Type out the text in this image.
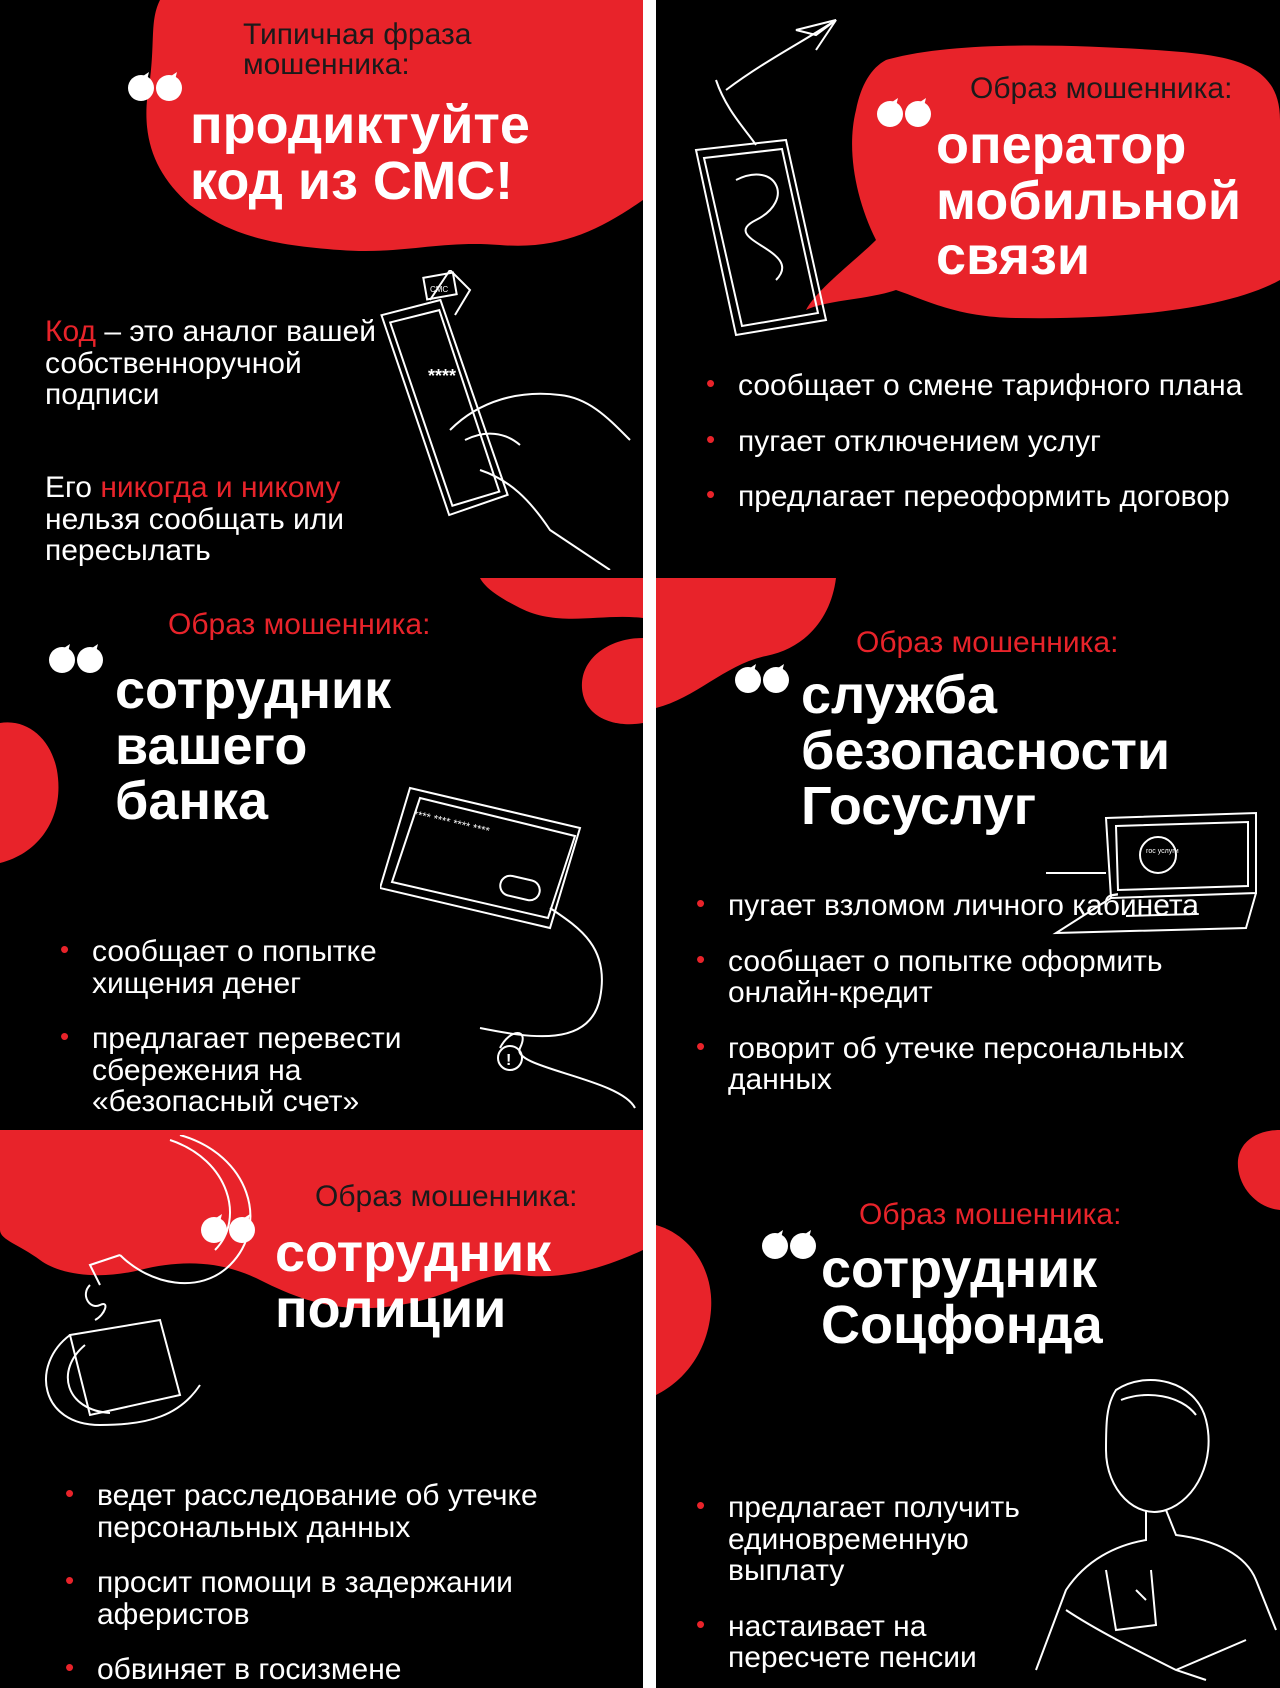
Типичная фраза мошенника:
продиктуйте код из СМС!
Код – это аналог вашей собственноручной подписи
Его никогда и никому нельзя сообщать или пересылать
СМС
****
Образ мошенника:
оператор мобильной связи
• сообщает о смене тарифного плана
• пугает отключением услуг
• предлагает переоформить договор
Образ мошенника:
сотрудник вашего банка	**** **** **** ****
!
• сообщает о попытке хищения денег
• предлагает перевести сбережения на «безопасный счет»
Образ мошенника:
служба безопасности Госуслуг
гос услуги
• пугает взломом личного кабинета
• сообщает о попытке оформить онлайн-кредит
• говорит об утечке персональных данных
Образ мошенника:
сотрудник полиции
• ведет расследование об утечке персональных данных
• просит помощи в задержании аферистов
• обвиняет в госизмене
Образ мошенника:
сотрудник Соцфонда
• предлагает получить единовременную выплату
• настаивает на пересчете пенсии
